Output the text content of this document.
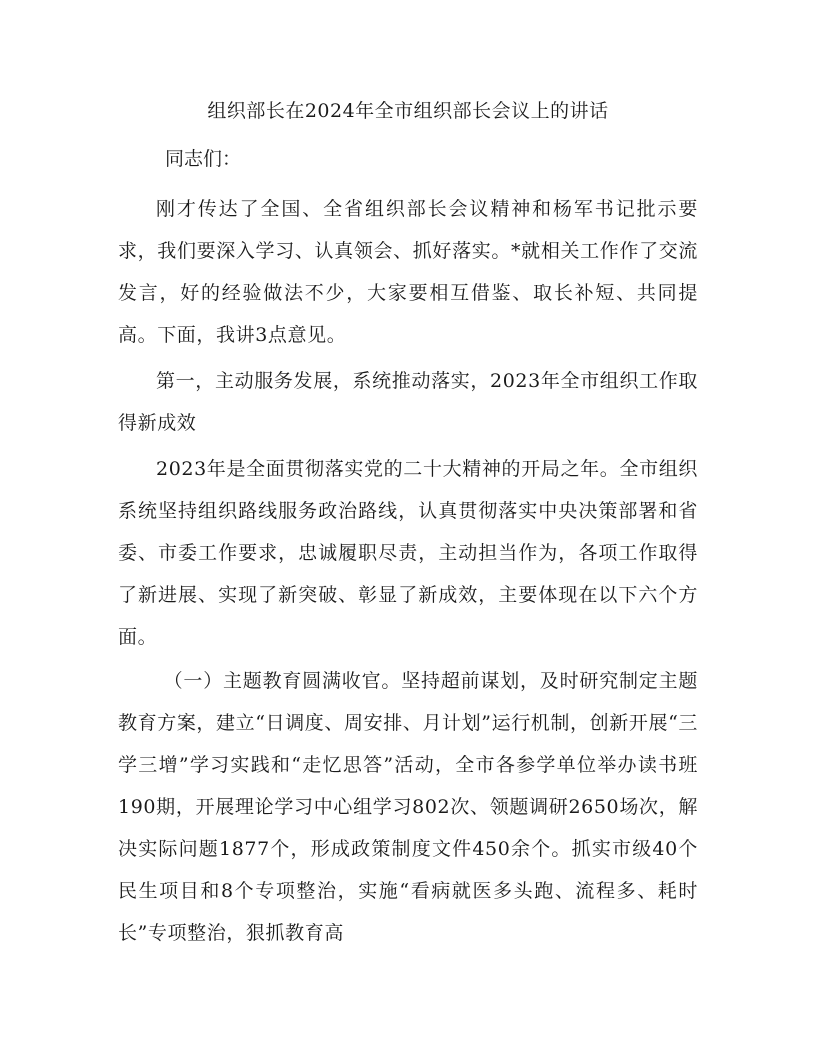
组织部长在2024年全市组织部长会议上的讲话

同志们：

刚才传达了全国、全省组织部长会议精神和杨军书记批示要求，我们要深入学习、认真领会、抓好落实。*就相关工作作了交流发言，好的经验做法不少，大家要相互借鉴、取长补短、共同提高。下面，我讲3点意见。

第一，主动服务发展，系统推动落实，2023年全市组织工作取得新成效

2023年是全面贯彻落实党的二十大精神的开局之年。全市组织系统坚持组织路线服务政治路线，认真贯彻落实中央决策部署和省委、市委工作要求，忠诚履职尽责，主动担当作为，各项工作取得了新进展、实现了新突破、彰显了新成效，主要体现在以下六个方面。

（一）主题教育圆满收官。坚持超前谋划，及时研究制定主题教育方案，建立“日调度、周安排、月计划”运行机制，创新开展“三学三增”学习实践和“走忆思答”活动，全市各参学单位举办读书班190期，开展理论学习中心组学习802次、领题调研2650场次，解决实际问题1877个，形成政策制度文件450余个。抓实市级40个民生项目和8个专项整治，实施“看病就医多头跑、流程多、耗时长”专项整治，狠抓教育高
